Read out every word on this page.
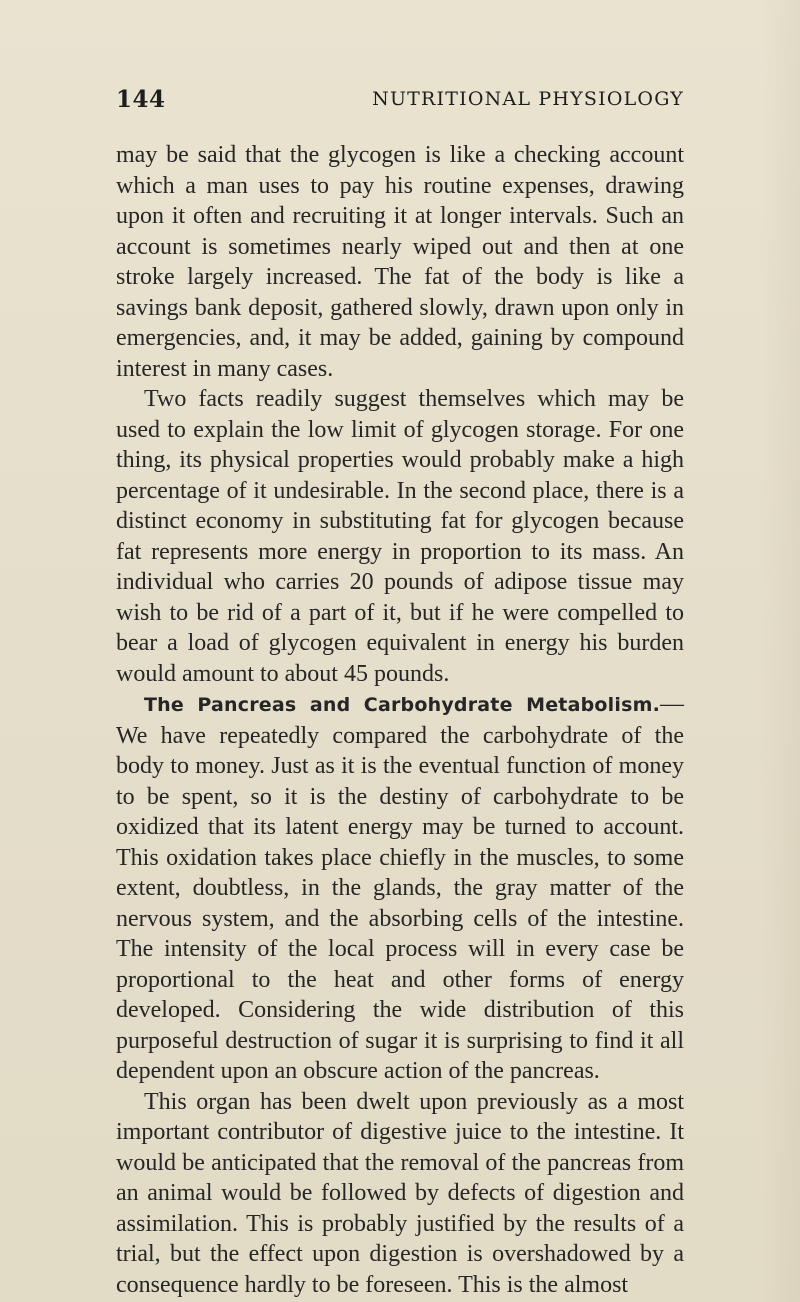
144	NUTRITIONAL PHYSIOLOGY

may be said that the glycogen is like a checking account which a man uses to pay his routine expenses, drawing upon it often and recruiting it at longer intervals. Such an account is sometimes nearly wiped out and then at one stroke largely increased. The fat of the body is like a savings bank deposit, gathered slowly, drawn upon only in emergencies, and, it may be added, gaining by compound interest in many cases.

Two facts readily suggest themselves which may be used to explain the low limit of glycogen storage. For one thing, its physical properties would probably make a high percentage of it undesirable. In the second place, there is a distinct economy in substituting fat for glycogen because fat represents more energy in proportion to its mass. An individual who carries 20 pounds of adipose tissue may wish to be rid of a part of it, but if he were compelled to bear a load of glycogen equivalent in energy his burden would amount to about 45 pounds.

The Pancreas and Carbohydrate Metabolism.—We have repeatedly compared the carbohydrate of the body to money. Just as it is the eventual function of money to be spent, so it is the destiny of carbohydrate to be oxidized that its latent energy may be turned to account. This oxidation takes place chiefly in the muscles, to some extent, doubtless, in the glands, the gray matter of the nervous system, and the absorbing cells of the intestine. The intensity of the local process will in every case be proportional to the heat and other forms of energy developed. Considering the wide distribution of this purposeful destruction of sugar it is surprising to find it all dependent upon an obscure action of the pancreas.

This organ has been dwelt upon previously as a most important contributor of digestive juice to the intestine. It would be anticipated that the removal of the pancreas from an animal would be followed by defects of digestion and assimilation. This is probably justified by the results of a trial, but the effect upon digestion is overshadowed by a consequence hardly to be foreseen. This is the almost
